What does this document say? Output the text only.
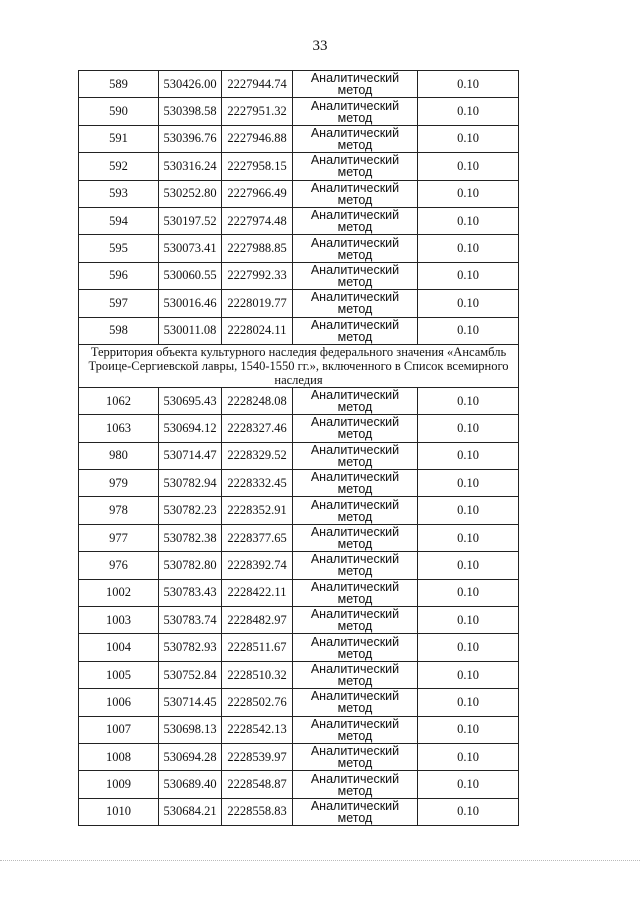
33
589	530426.00	2227944.74	Аналитический метод	0.10
590	530398.58	2227951.32	Аналитический метод	0.10
591	530396.76	2227946.88	Аналитический метод	0.10
592	530316.24	2227958.15	Аналитический метод	0.10
593	530252.80	2227966.49	Аналитический метод	0.10
594	530197.52	2227974.48	Аналитический метод	0.10
595	530073.41	2227988.85	Аналитический метод	0.10
596	530060.55	2227992.33	Аналитический метод	0.10
597	530016.46	2228019.77	Аналитический метод	0.10
598	530011.08	2228024.11	Аналитический метод	0.10
Территория объекта культурного наследия федерального значения «Ансамбль Троице-Сергиевской лавры, 1540-1550 гг.», включенного в Список всемирного наследия				
1062	530695.43	2228248.08	Аналитический метод	0.10
1063	530694.12	2228327.46	Аналитический метод	0.10
980	530714.47	2228329.52	Аналитический метод	0.10
979	530782.94	2228332.45	Аналитический метод	0.10
978	530782.23	2228352.91	Аналитический метод	0.10
977	530782.38	2228377.65	Аналитический метод	0.10
976	530782.80	2228392.74	Аналитический метод	0.10
1002	530783.43	2228422.11	Аналитический метод	0.10
1003	530783.74	2228482.97	Аналитический метод	0.10
1004	530782.93	2228511.67	Аналитический метод	0.10
1005	530752.84	2228510.32	Аналитический метод	0.10
1006	530714.45	2228502.76	Аналитический метод	0.10
1007	530698.13	2228542.13	Аналитический метод	0.10
1008	530694.28	2228539.97	Аналитический метод	0.10
1009	530689.40	2228548.87	Аналитический метод	0.10
1010	530684.21	2228558.83	Аналитический метод	0.10
